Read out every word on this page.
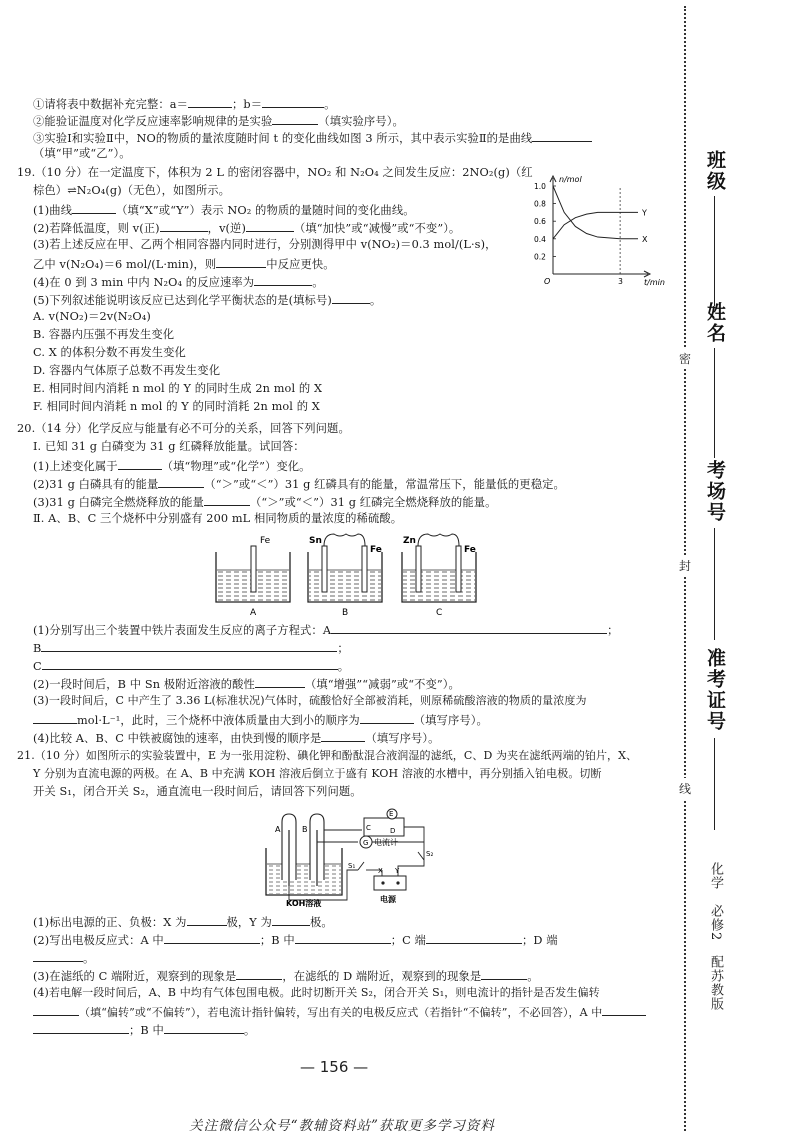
①请将表中数据补充完整：a＝	；b＝	。
②能验证温度对化学反应速率影响规律的是实验	（填实验序号）。
③实验Ⅰ和实验Ⅱ中，NO的物质的量浓度随时间 t 的变化曲线如图 3 所示，其中表示实验Ⅱ的是曲线
（填“甲”或“乙”）。
19.（10 分）在一定温度下，体积为 2 L 的密闭容器中，NO₂ 和 N₂O₄ 之间发生反应：2NO₂(g)（红
棕色）⇌N₂O₄(g)（无色），如图所示。
(1)曲线	（填“X”或“Y”）表示 NO₂ 的物质的量随时间的变化曲线。
(2)若降低温度，则 v(正)	，v(逆)	（填“加快”或“减慢”或“不变”）。
(3)若上述反应在甲、乙两个相同容器内同时进行，分别测得甲中 v(NO₂)＝0.3 mol/(L·s)，
乙中 v(N₂O₄)＝6 mol/(L·min)，则	中反应更快。
(4)在 0 到 3 min 中内 N₂O₄ 的反应速率为	。
(5)下列叙述能说明该反应已达到化学平衡状态的是(填标号)	。
A. v(NO₂)＝2v(N₂O₄)
B. 容器内压强不再发生变化
C. X 的体积分数不再发生变化
D. 容器内气体原子总数不再发生变化
E. 相同时间内消耗 n mol 的 Y 的同时生成 2n mol 的 X
F. 相同时间内消耗 n mol 的 Y 的同时消耗 2n mol 的 X
n/mol
t/min
O
0.2
0.4
0.6
0.8
1.0
3
Y
X
20.（14 分）化学反应与能量有必不可分的关系，回答下列问题。
Ⅰ. 已知 31 g 白磷变为 31 g 红磷释放能量。试回答：
(1)上述变化属于	（填“物理”或“化学”）变化。
(2)31 g 白磷具有的能量	（“＞”或“＜”）31 g 红磷具有的能量，常温常压下，能量低的更稳定。
(3)31 g 白磷完全燃烧释放的能量	（“＞”或“＜”）31 g 红磷完全燃烧释放的能量。
Ⅱ. A、B、C 三个烧杯中分别盛有 200 mL 相同物质的量浓度的稀硫酸。
Fe
A
Sn
Fe
B
Zn
Fe
C
(1)分别写出三个装置中铁片表面发生反应的离子方程式：A	；
B	；
C	。
(2)一段时间后，B 中 Sn 极附近溶液的酸性	（填“增强”“减弱”或“不变”）。
(3)一段时间后，C 中产生了 3.36 L(标准状况)气体时，硫酸恰好全部被消耗，则原稀硫酸溶液的物质的量浓度为
mol·L⁻¹，此时，三个烧杯中液体质量由大到小的顺序为	（填写序号）。
(4)比较 A、B、C 中铁被腐蚀的速率，由快到慢的顺序是	（填写序号）。
21.（10 分）如图所示的实验装置中，E 为一张用淀粉、碘化钾和酚酞混合液润湿的滤纸，C、D 为夹在滤纸两端的铂片，X、
Y 分别为直流电源的两极。在 A、B 中充满 KOH 溶液后倒立于盛有 KOH 溶液的水槽中，再分别插入铂电极。切断
开关 S₁，闭合开关 S₂，通直流电一段时间后，请回答下列问题。
A	B	C
E
D
G 电流计
S₁
S₂
X Y
电源
KOH溶液
(1)标出电源的正、负极：X 为	极，Y 为	极。
(2)写出电极反应式：A 中	；B 中	；C 端	；D 端
。
(3)在滤纸的 C 端附近，观察到的现象是	，在滤纸的 D 端附近，观察到的现象是	。
(4)若电解一段时间后，A、B 中均有气体包围电极。此时切断开关 S₂，闭合开关 S₁，则电流计的指针是否发生偏转
（填“偏转”或“不偏转”），若电流计指针偏转，写出有关的电极反应式（若指针“不偏转”，不必回答），A 中
；B 中	。
— 156 —
关注微信公众号“教辅资料站”获取更多学习资料
班级
姓名
考场号
准考证号
密
封
线
化学　必修2　配苏教版
